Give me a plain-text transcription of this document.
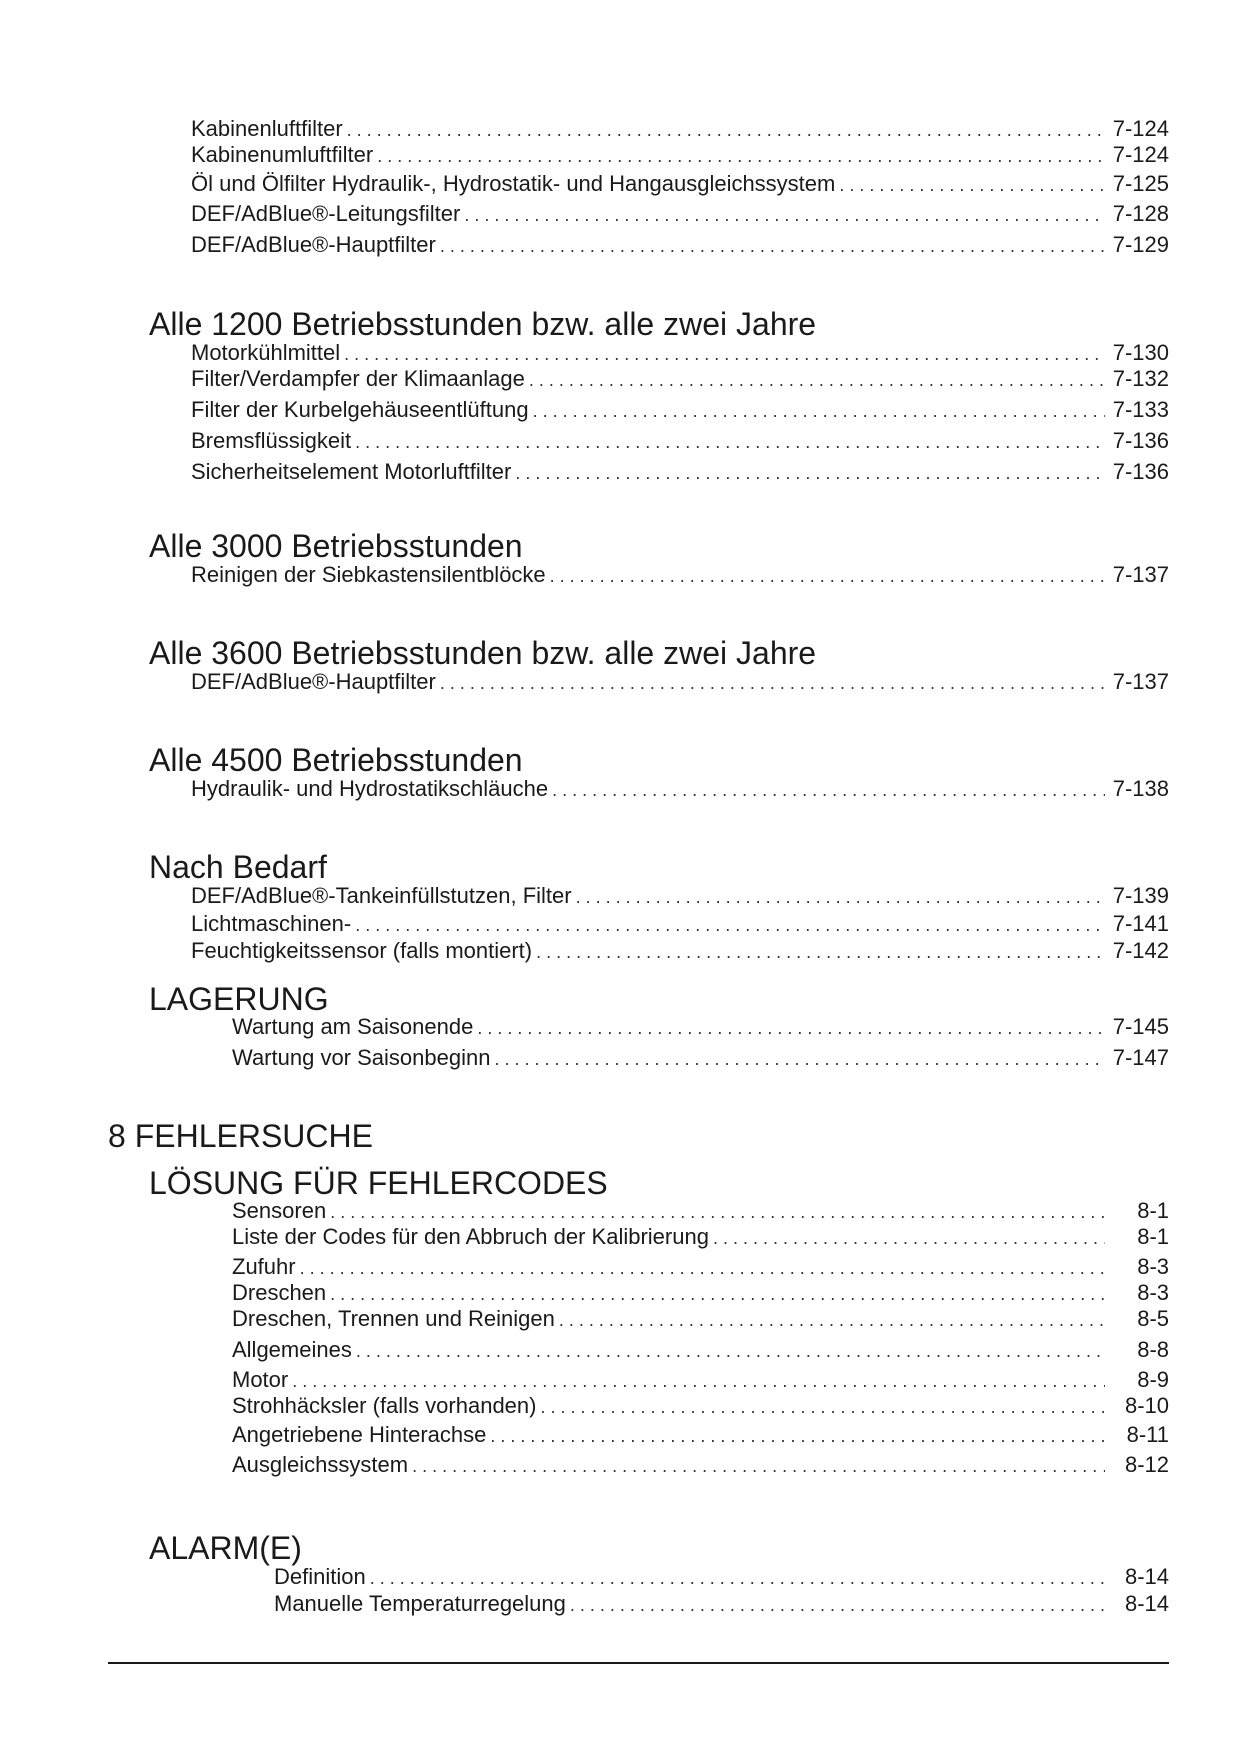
Kabinenluftfilter . . .	7-124
Kabinenumluftfilter . . .	7-124
Öl und Ölfilter Hydraulik-, Hydrostatik- und Hangausgleichssystem . . .	7-125
DEF/AdBlue®-Leitungsfilter . . .	7-128
DEF/AdBlue®-Hauptfilter . . .	7-129
Alle 1200 Betriebsstunden bzw. alle zwei Jahre
Motorkühlmittel . . .	7-130
Filter/Verdampfer der Klimaanlage . . .	7-132
Filter der Kurbelgehäuseentlüftung . . .	7-133
Bremsflüssigkeit . . .	7-136
Sicherheitselement Motorluftfilter . . .	7-136
Alle 3000 Betriebsstunden
Reinigen der Siebkastensilentblöcke . . .	7-137
Alle 3600 Betriebsstunden bzw. alle zwei Jahre
DEF/AdBlue®-Hauptfilter . . .	7-137
Alle 4500 Betriebsstunden
Hydraulik- und Hydrostatikschläuche . . .	7-138
Nach Bedarf
DEF/AdBlue®-Tankeinfüllstutzen, Filter . . .	7-139
Lichtmaschinen- . . .	7-141
Feuchtigkeitssensor (falls montiert) . . .	7-142
LAGERUNG
Wartung am Saisonende . . .	7-145
Wartung vor Saisonbeginn . . .	7-147
8 FEHLERSUCHE
LÖSUNG FÜR FEHLERCODES
Sensoren . . .	8-1
Liste der Codes für den Abbruch der Kalibrierung . . .	8-1
Zufuhr . . .	8-3
Dreschen . . .	8-3
Dreschen, Trennen und Reinigen . . .	8-5
Allgemeines . . .	8-8
Motor . . .	8-9
Strohhäcksler (falls vorhanden) . . .	8-10
Angetriebene Hinterachse . . .	8-11
Ausgleichssystem . . .	8-12
ALARM(E)
Definition . . .	8-14
Manuelle Temperaturregelung . . .	8-14
